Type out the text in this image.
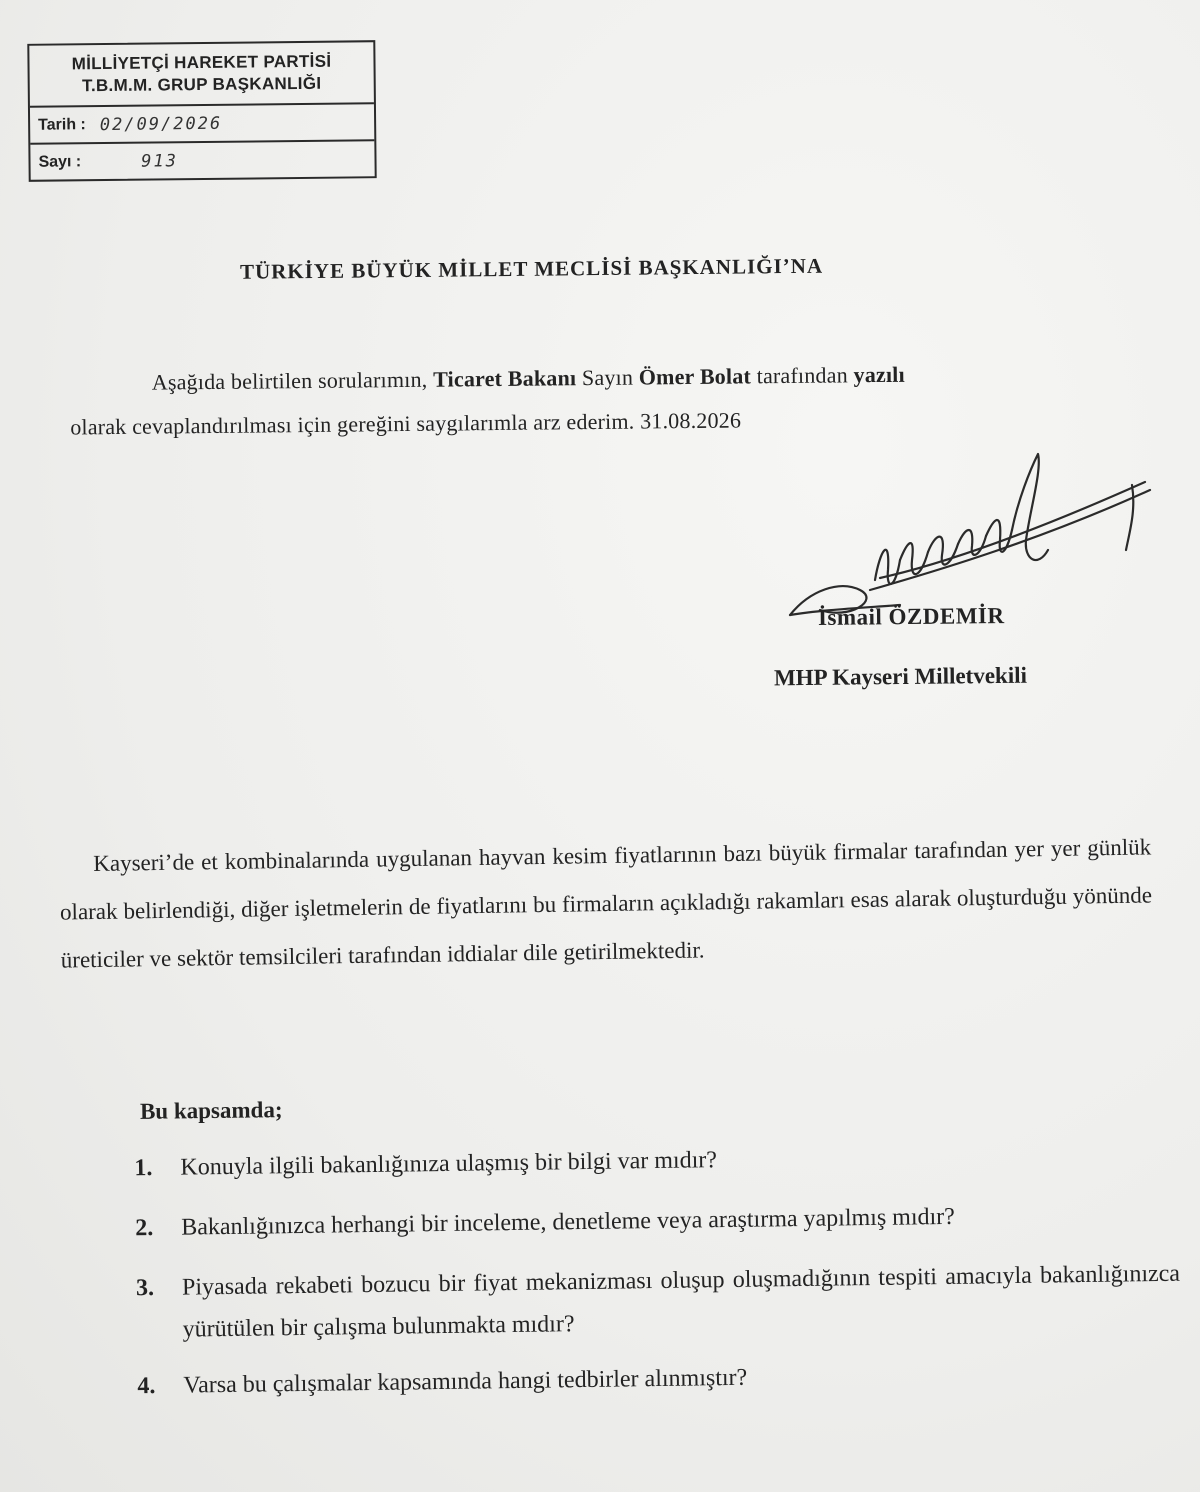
MİLLİYETÇİ HAREKET PARTİSİ
T.B.M.M. GRUP BAŞKANLIĞI
Tarih : 02/09/2026
Sayı :	913
TÜRKİYE BÜYÜK MİLLET MECLİSİ BAŞKANLIĞI’NA
Aşağıda belirtilen sorularımın, Ticaret Bakanı Sayın Ömer Bolat tarafından yazılı
olarak cevaplandırılması için gereğini saygılarımla arz ederim. 31.08.2026
İsmail ÖZDEMİR
MHP Kayseri Milletvekili
Kayseri’de et kombinalarında uygulanan hayvan kesim fiyatlarının bazı büyük firmalar tarafından yer yer günlük olarak belirlendiği, diğer işletmelerin de fiyatlarını bu firmaların açıkladığı rakamları esas alarak oluşturduğu yönünde üreticiler ve sektör temsilcileri tarafından iddialar dile getirilmektedir.
Bu kapsamda;
1.	Konuyla ilgili bakanlığınıza ulaşmış bir bilgi var mıdır?
2.	Bakanlığınızca herhangi bir inceleme, denetleme veya araştırma yapılmış mıdır?
3.	Piyasada rekabeti bozucu bir fiyat mekanizması oluşup oluşmadığının tespiti amacıyla bakanlığınızca yürütülen bir çalışma bulunmakta mıdır?
4.	Varsa bu çalışmalar kapsamında hangi tedbirler alınmıştır?
